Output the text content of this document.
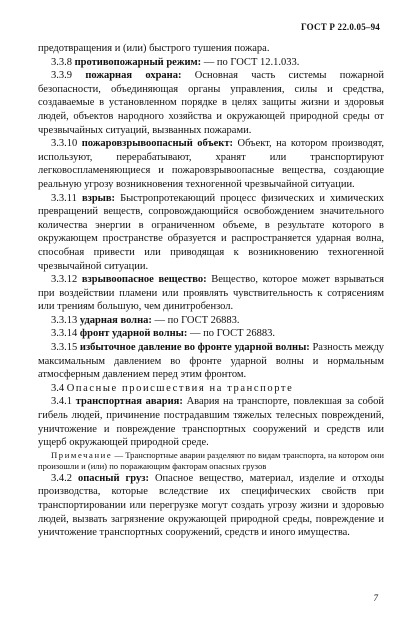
ГОСТ Р 22.0.05–94

предотвращения и (или) быстрого тушения пожара.

3.3.8 противопожарный режим: — по ГОСТ 12.1.033.

3.3.9 пожарная охрана: Основная часть системы пожарной безопасности, объединяющая органы управления, силы и средства, создаваемые в установленном порядке в целях защиты жизни и здоровья людей, объектов народного хозяйства и окружающей природной среды от чрезвычайных ситуаций, вызванных пожарами.

3.3.10 пожаровзрывоопасный объект: Объект, на котором производят, используют, перерабатывают, хранят или транспортируют легковоспламеняющиеся и пожаровзрывоопасные вещества, создающие реальную угрозу возникновения техногенной чрезвычайной ситуации.

3.3.11 взрыв: Быстропротекающий процесс физических и химических превращений веществ, сопровождающийся освобождением значительного количества энергии в ограниченном объеме, в результате которого в окружающем пространстве образуется и распространяется ударная волна, способная привести или приводящая к возникновению техногенной чрезвычайной ситуации.

3.3.12 взрывоопасное вещество: Вещество, которое может взрываться при воздействии пламени или проявлять чувствительность к сотрясениям или трениям большую, чем динитробензол.

3.3.13 ударная волна: — по ГОСТ 26883.

3.3.14 фронт ударной волны: — по ГОСТ 26883.

3.3.15 избыточное давление во фронте ударной волны: Разность между максимальным давлением во фронте ударной волны и нормальным атмосферным давлением перед этим фронтом.

3.4 Опасные происшествия на транспорте

3.4.1 транспортная авария: Авария на транспорте, повлекшая за собой гибель людей, причинение пострадавшим тяжелых телесных повреждений, уничтожение и повреждение транспортных сооружений и средств или ущерб окружающей природной среде.

Примечание — Транспортные аварии разделяют по видам транспорта, на котором они произошли и (или) по поражающим факторам опасных грузов

3.4.2 опасный груз: Опасное вещество, материал, изделие и отходы производства, которые вследствие их специфических свойств при транспортировании или перегрузке могут создать угрозу жизни и здоровью людей, вызвать загрязнение окружающей природной среды, повреждение и уничтожение транспортных сооружений, средств и иного имущества.

7
